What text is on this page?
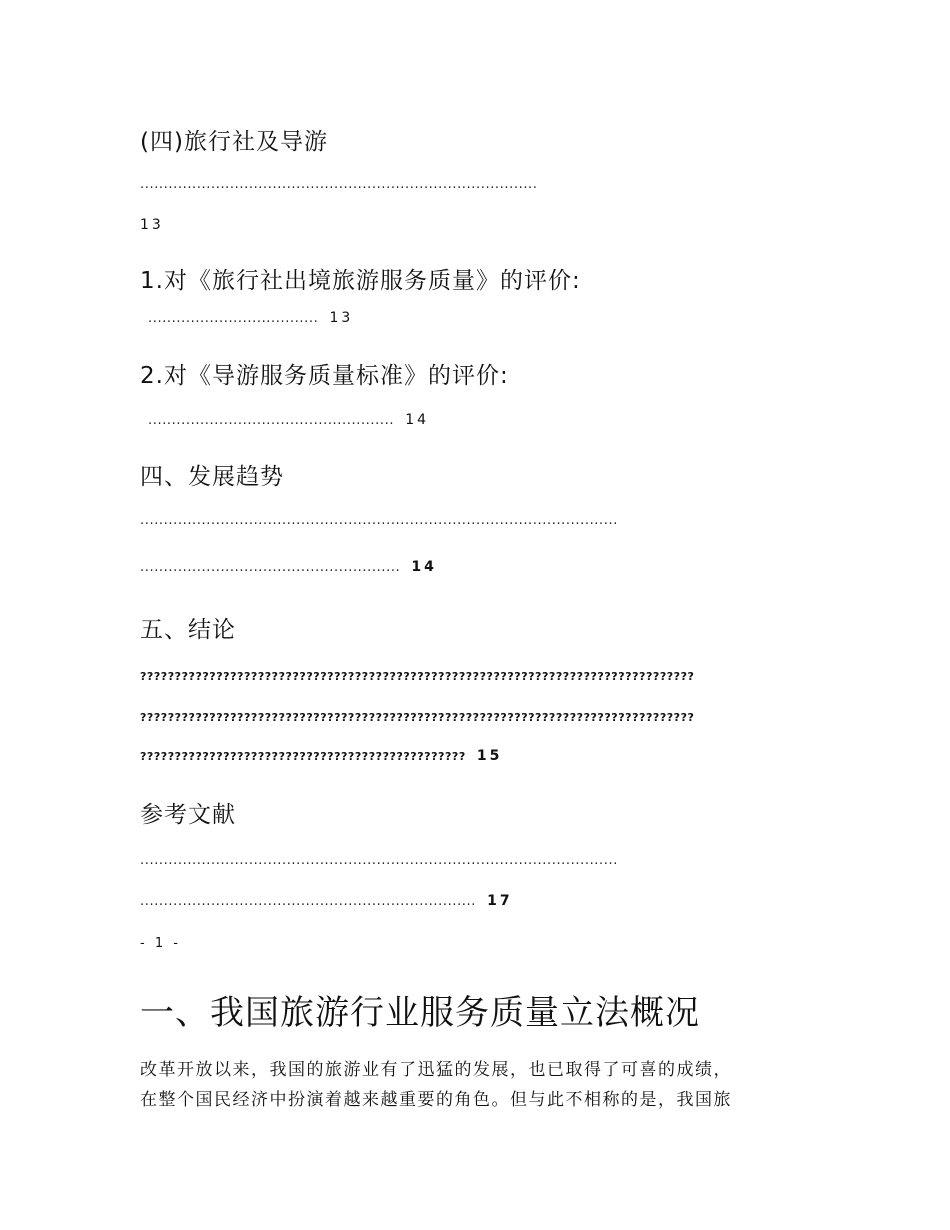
(四)旅行社及导游
....................................................................................
13
1.对《旅行社出境旅游服务质量》的评价:
.................................... 13
2.对《导游服务质量标准》的评价:
.................................................... 14
四、发展趋势
.....................................................................................................
....................................................... 14
五、结论
????????????????????????????????????????????????????????????????????????????????
????????????????????????????????????????????????????????????????????????????????
??????????????????????????????????????????????? 15
参考文献
.....................................................................................................
....................................................................... 17
- 1 -
一、我国旅游行业服务质量立法概况
改革开放以来，我国的旅游业有了迅猛的发展，也已取得了可喜的成绩，
在整个国民经济中扮演着越来越重要的角色。但与此不相称的是，我国旅
